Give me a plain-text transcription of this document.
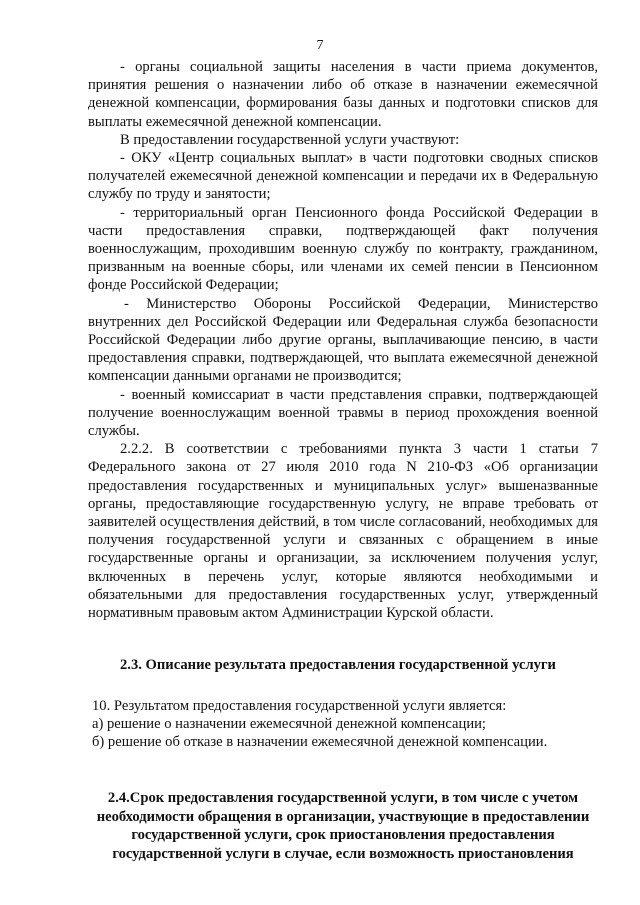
7

- органы социальной защиты населения в части приема документов, принятия решения о назначении либо об отказе в назначении ежемесячной денежной компенсации, формирования базы данных и подготовки списков для выплаты ежемесячной денежной компенсации.

В предоставлении государственной услуги участвуют:

- ОКУ «Центр социальных выплат» в части подготовки сводных списков получателей ежемесячной денежной компенсации и передачи их в Федеральную службу по труду и занятости;

- территориальный орган Пенсионного фонда Российской Федерации в части предоставления справки, подтверждающей факт получения военнослужащим, проходившим военную службу по контракту, гражданином, призванным на военные сборы, или членами их семей пенсии в Пенсионном фонде Российской Федерации;

- Министерство Обороны Российской Федерации, Министерство внутренних дел Российской Федерации или Федеральная служба безопасности Российской Федерации либо другие органы, выплачивающие пенсию, в части предоставления справки, подтверждающей, что выплата ежемесячной денежной компенсации данными органами не производится;

- военный комиссариат в части представления справки, подтверждающей получение военнослужащим военной травмы в период прохождения военной службы.

2.2.2. В соответствии с требованиями пункта 3 части 1 статьи 7 Федерального закона от 27 июля 2010 года N 210-ФЗ «Об организации предоставления государственных и муниципальных услуг» вышеназванные органы, предоставляющие государственную услугу, не вправе требовать от заявителей осуществления действий, в том числе согласований, необходимых для получения государственной услуги и связанных с обращением в иные государственные органы и организации, за исключением получения услуг, включенных в перечень услуг, которые являются необходимыми и обязательными для предоставления государственных услуг, утвержденный нормативным правовым актом Администрации Курской области.

2.3. Описание результата предоставления государственной услуги

10. Результатом предоставления государственной услуги является:

а) решение о назначении ежемесячной денежной компенсации;

б) решение об отказе в назначении ежемесячной денежной компенсации.

2.4.Срок предоставления государственной услуги, в том числе с учетом необходимости обращения в организации, участвующие в предоставлении государственной услуги, срок приостановления предоставления государственной услуги в случае, если возможность приостановления
